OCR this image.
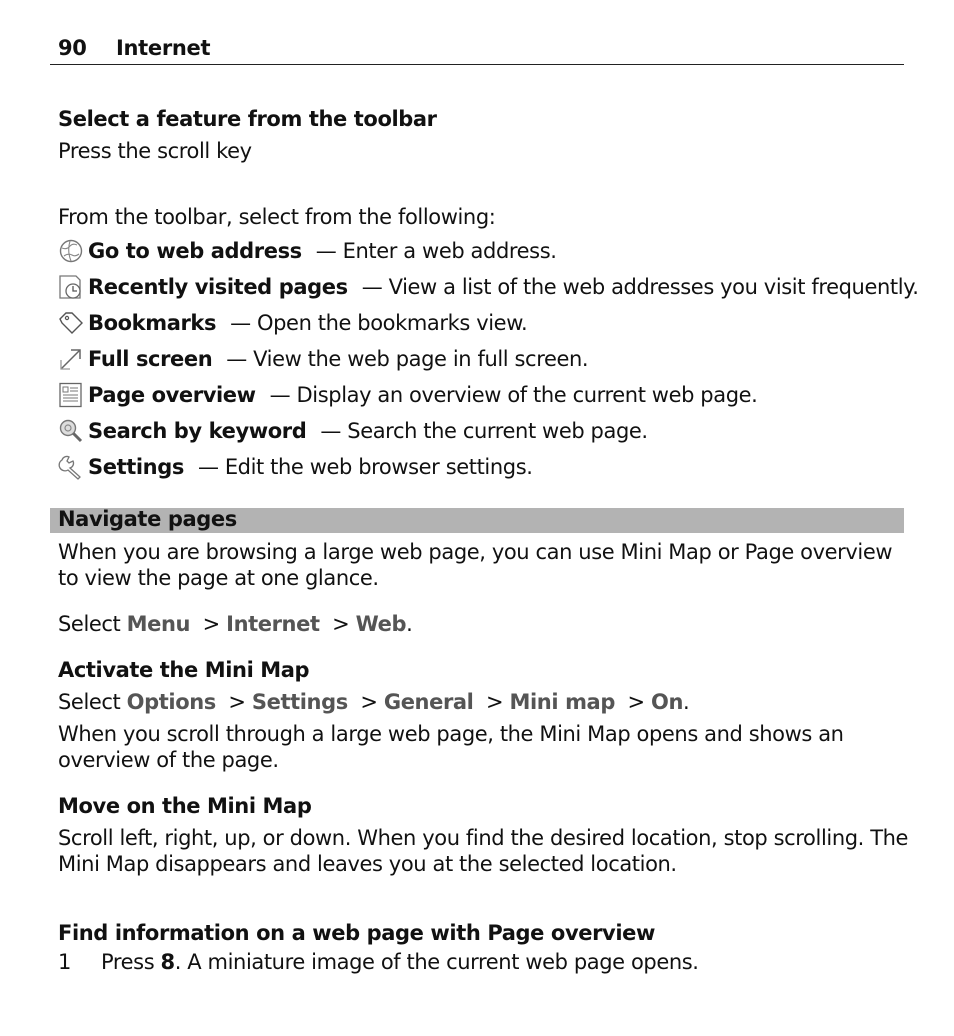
90 Internet
Select a feature from the toolbar
Press the scroll key
From the toolbar, select from the following:
Go to web address — Enter a web address.
Recently visited pages — View a list of the web addresses you visit frequently.
Bookmarks — Open the bookmarks view.
Full screen — View the web page in full screen.
Page overview — Display an overview of the current web page.
Search by keyword — Search the current web page.
Settings — Edit the web browser settings.
Navigate pages
When you are browsing a large web page, you can use Mini Map or Page overview
to view the page at one glance.
Select Menu  > Internet  > Web.
Activate the Mini Map
Select Options  > Settings  > General  > Mini map  > On.
When you scroll through a large web page, the Mini Map opens and shows an
overview of the page.
Move on the Mini Map
Scroll left, right, up, or down. When you find the desired location, stop scrolling. The
Mini Map disappears and leaves you at the selected location.
Find information on a web page with Page overview
1 Press 8. A miniature image of the current web page opens.
